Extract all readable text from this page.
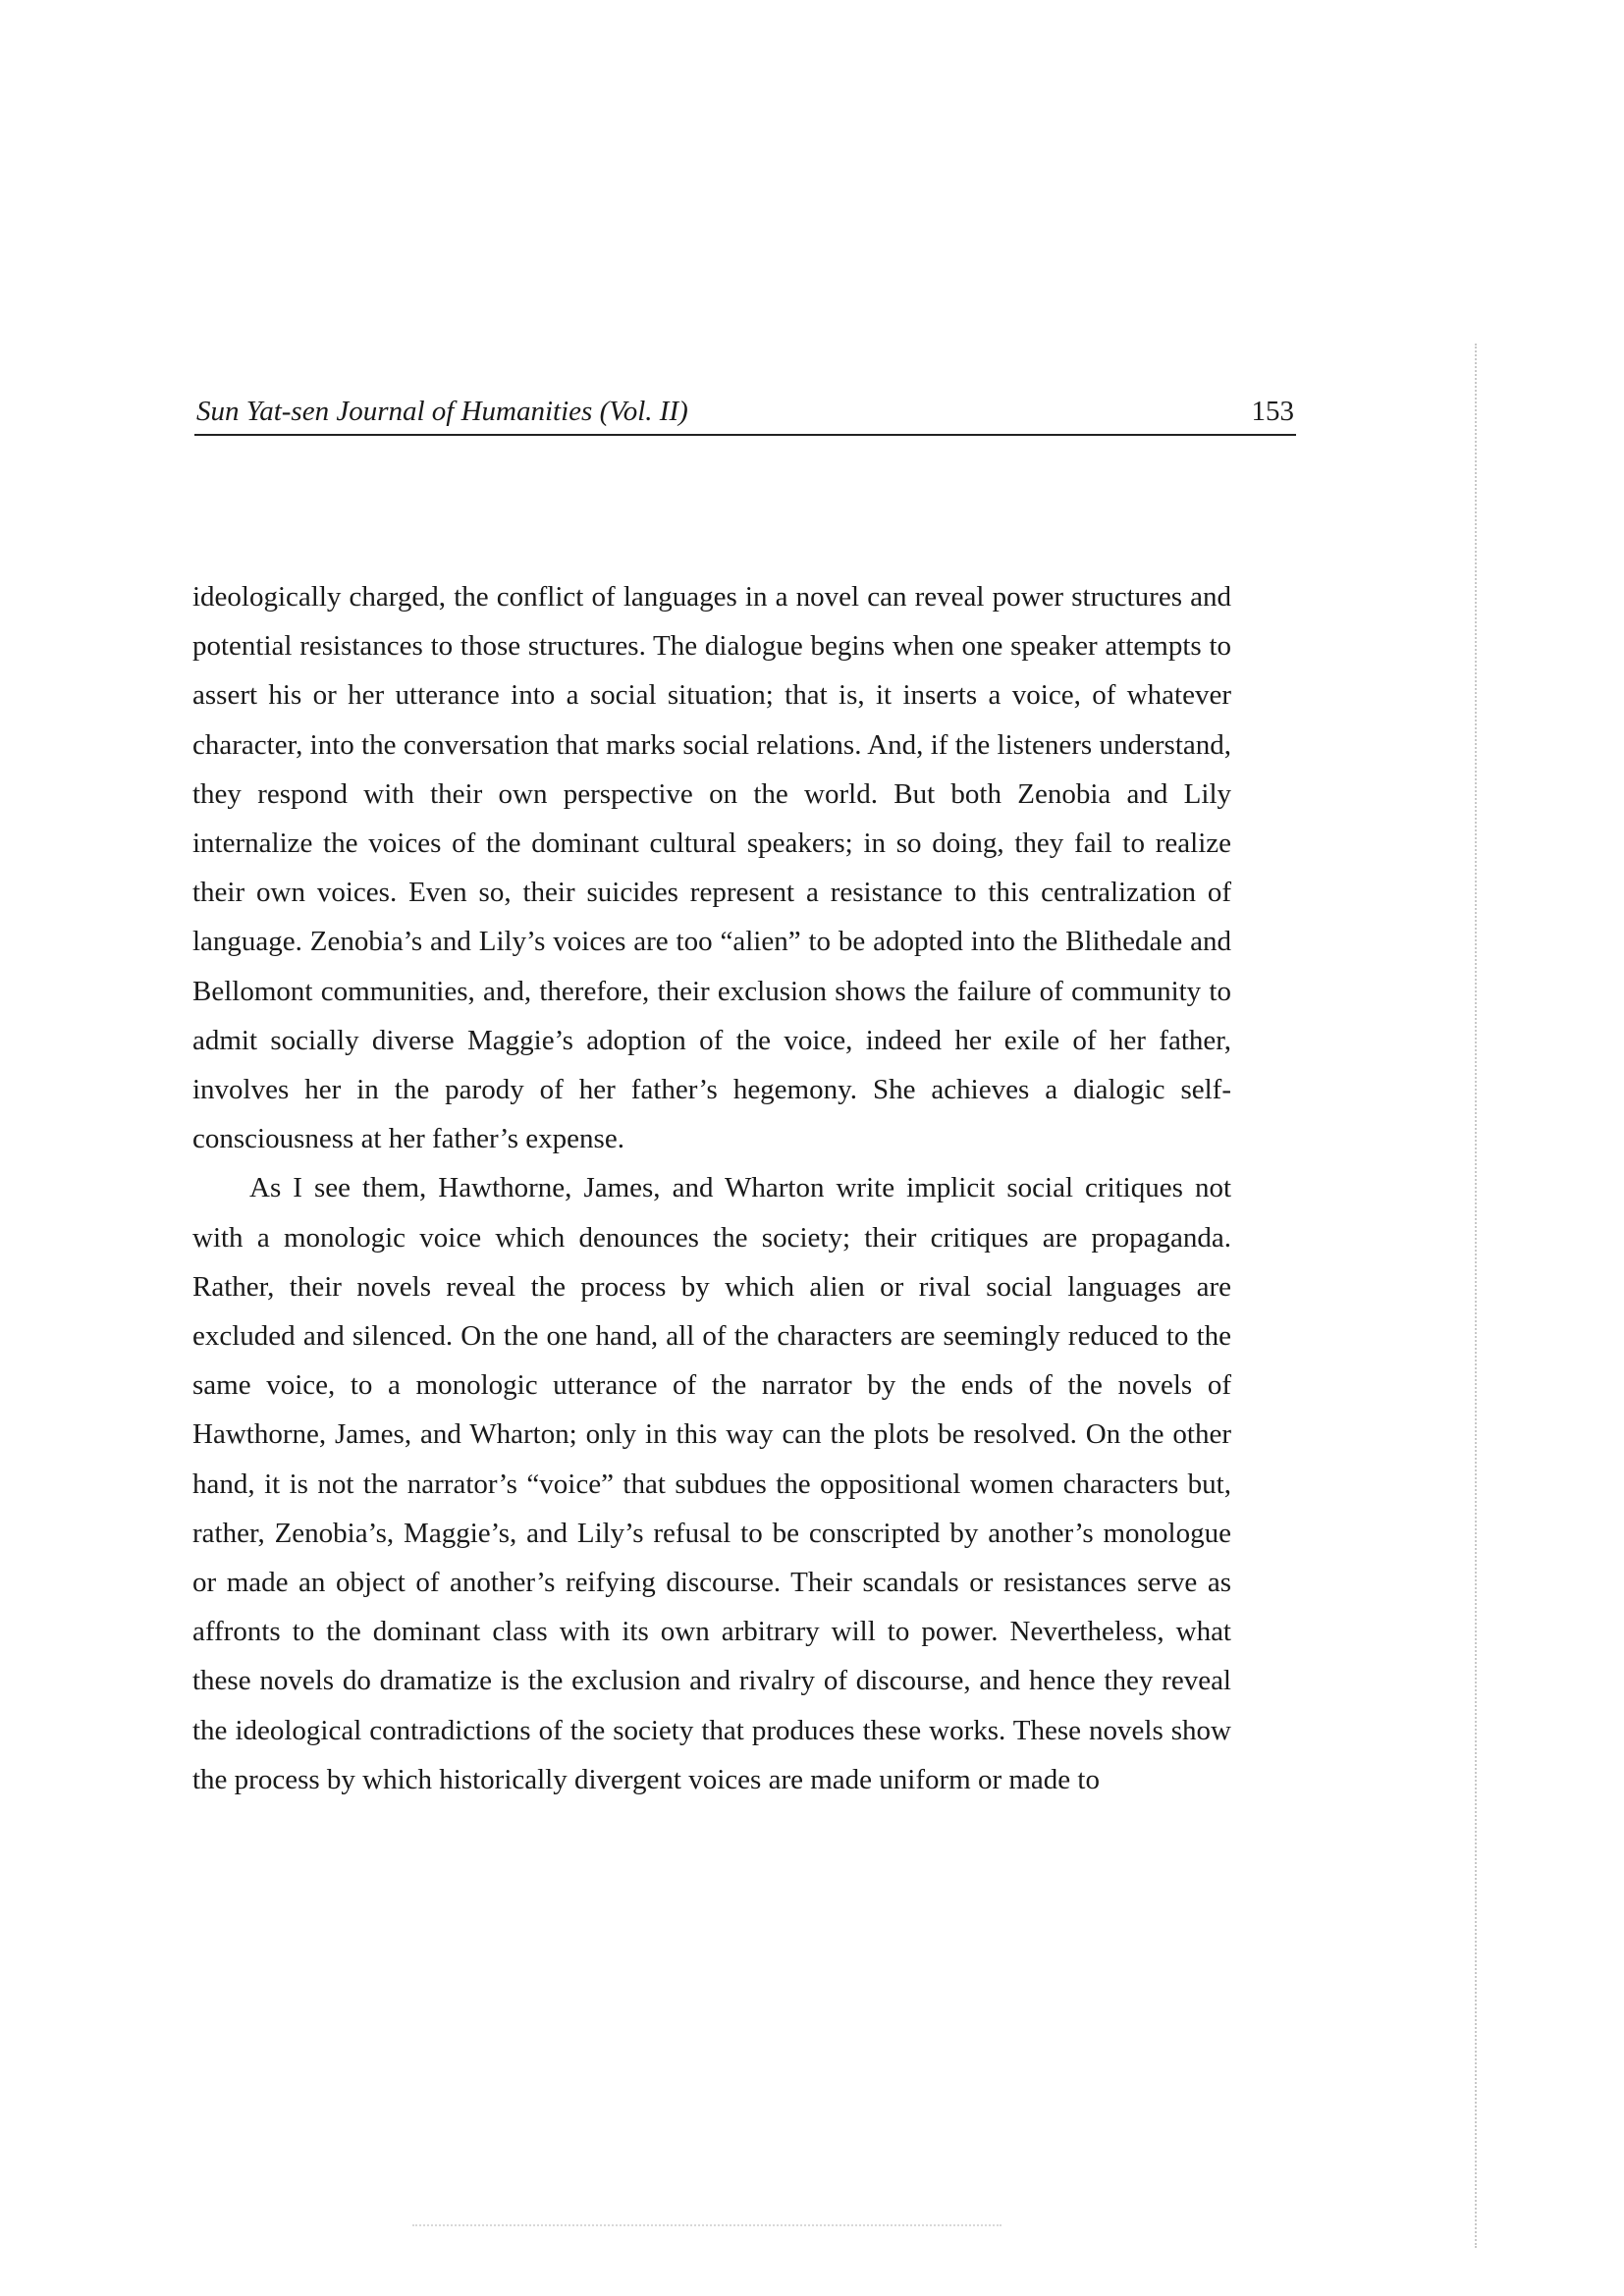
Sun Yat-sen Journal of Humanities (Vol. II)	153

ideologically charged, the conflict of languages in a novel can reveal power structures and potential resistances to those structures. The dialogue begins when one speaker attempts to assert his or her utterance into a social situation; that is, it inserts a voice, of whatever character, into the conversation that marks social relations. And, if the listeners understand, they respond with their own perspective on the world. But both Zenobia and Lily internalize the voices of the dominant cultural speakers; in so doing, they fail to realize their own voices. Even so, their suicides represent a resistance to this centralization of language. Zenobia’s and Lily’s voices are too “alien” to be adopted into the Blithedale and Bellomont communities, and, therefore, their exclusion shows the failure of community to admit socially diverse Maggie’s adoption of the voice, indeed her exile of her father, involves her in the parody of her father’s hegemony. She achieves a dialogic self-consciousness at her father’s expense.

As I see them, Hawthorne, James, and Wharton write implicit social critiques not with a monologic voice which denounces the society; their critiques are propaganda. Rather, their novels reveal the process by which alien or rival social languages are excluded and silenced. On the one hand, all of the characters are seemingly reduced to the same voice, to a monologic utterance of the narrator by the ends of the novels of Hawthorne, James, and Wharton; only in this way can the plots be resolved. On the other hand, it is not the narrator’s “voice” that subdues the oppositional women characters but, rather, Zenobia’s, Maggie’s, and Lily’s refusal to be conscripted by another’s monologue or made an object of another’s reifying discourse. Their scandals or resistances serve as affronts to the dominant class with its own arbitrary will to power. Nevertheless, what these novels do dramatize is the exclusion and rivalry of discourse, and hence they reveal the ideological contradictions of the society that produces these works. These novels show the process by which historically divergent voices are made uniform or made to
